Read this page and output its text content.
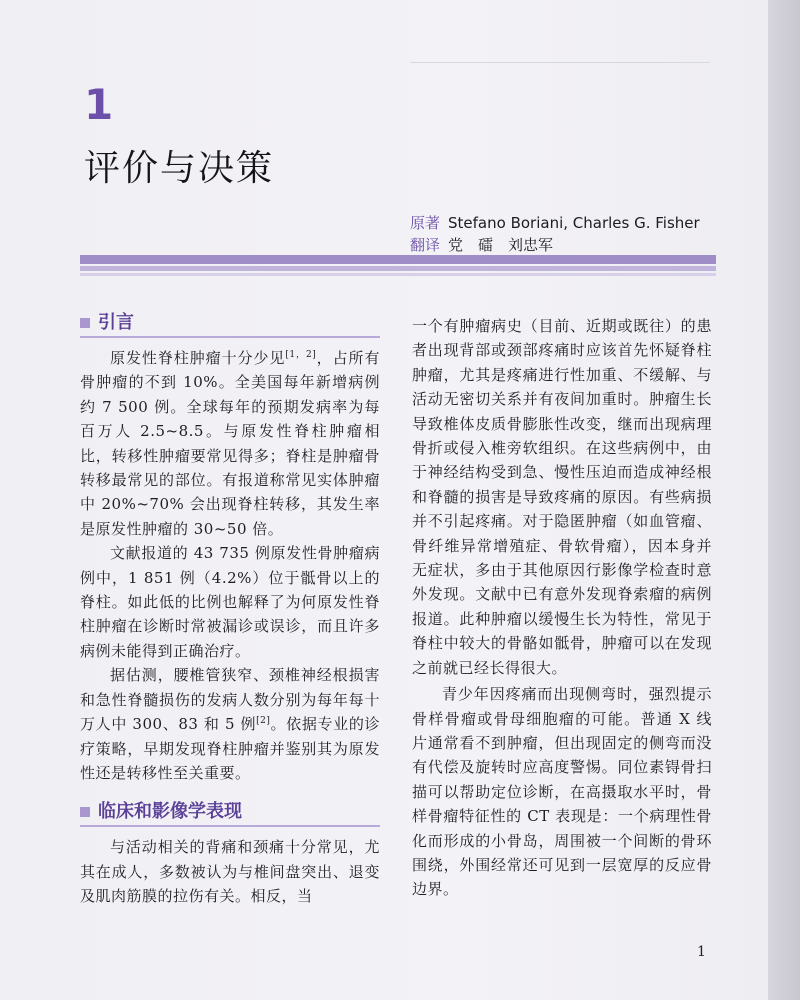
1
评价与决策
原著 Stefano Boriani, Charles G. Fisher
翻译 党　礌　刘忠军
引言

原发性脊柱肿瘤十分少见[1，2]，占所有骨肿瘤的不到 10%。全美国每年新增病例约 7 500 例。全球每年的预期发病率为每百万人 2.5~8.5。与原发性脊柱肿瘤相比，转移性肿瘤要常见得多；脊柱是肿瘤骨转移最常见的部位。有报道称常见实体肿瘤中 20%~70% 会出现脊柱转移，其发生率是原发性肿瘤的 30~50 倍。

文献报道的 43 735 例原发性骨肿瘤病例中，1 851 例（4.2%）位于骶骨以上的脊柱。如此低的比例也解释了为何原发性脊柱肿瘤在诊断时常被漏诊或误诊，而且许多病例未能得到正确治疗。

据估测，腰椎管狭窄、颈椎神经根损害和急性脊髓损伤的发病人数分别为每年每十万人中 300、83 和 5 例[2]。依据专业的诊疗策略，早期发现脊柱肿瘤并鉴别其为原发性还是转移性至关重要。

临床和影像学表现

与活动相关的背痛和颈痛十分常见，尤其在成人，多数被认为与椎间盘突出、退变及肌肉筋膜的拉伤有关。相反，当

一个有肿瘤病史（目前、近期或既往）的患者出现背部或颈部疼痛时应该首先怀疑脊柱肿瘤，尤其是疼痛进行性加重、不缓解、与活动无密切关系并有夜间加重时。肿瘤生长导致椎体皮质骨膨胀性改变，继而出现病理骨折或侵入椎旁软组织。在这些病例中，由于神经结构受到急、慢性压迫而造成神经根和脊髓的损害是导致疼痛的原因。有些病损并不引起疼痛。对于隐匿肿瘤（如血管瘤、骨纤维异常增殖症、骨软骨瘤），因本身并无症状，多由于其他原因行影像学检查时意外发现。文献中已有意外发现脊索瘤的病例报道。此种肿瘤以缓慢生长为特性，常见于脊柱中较大的骨骼如骶骨，肿瘤可以在发现之前就已经长得很大。

青少年因疼痛而出现侧弯时，强烈提示骨样骨瘤或骨母细胞瘤的可能。普通 X 线片通常看不到肿瘤，但出现固定的侧弯而没有代偿及旋转时应高度警惕。同位素锝骨扫描可以帮助定位诊断，在高摄取水平时，骨样骨瘤特征性的 CT 表现是：一个病理性骨化而形成的小骨岛，周围被一个间断的骨环围绕，外围经常还可见到一层宽厚的反应骨边界。

1
